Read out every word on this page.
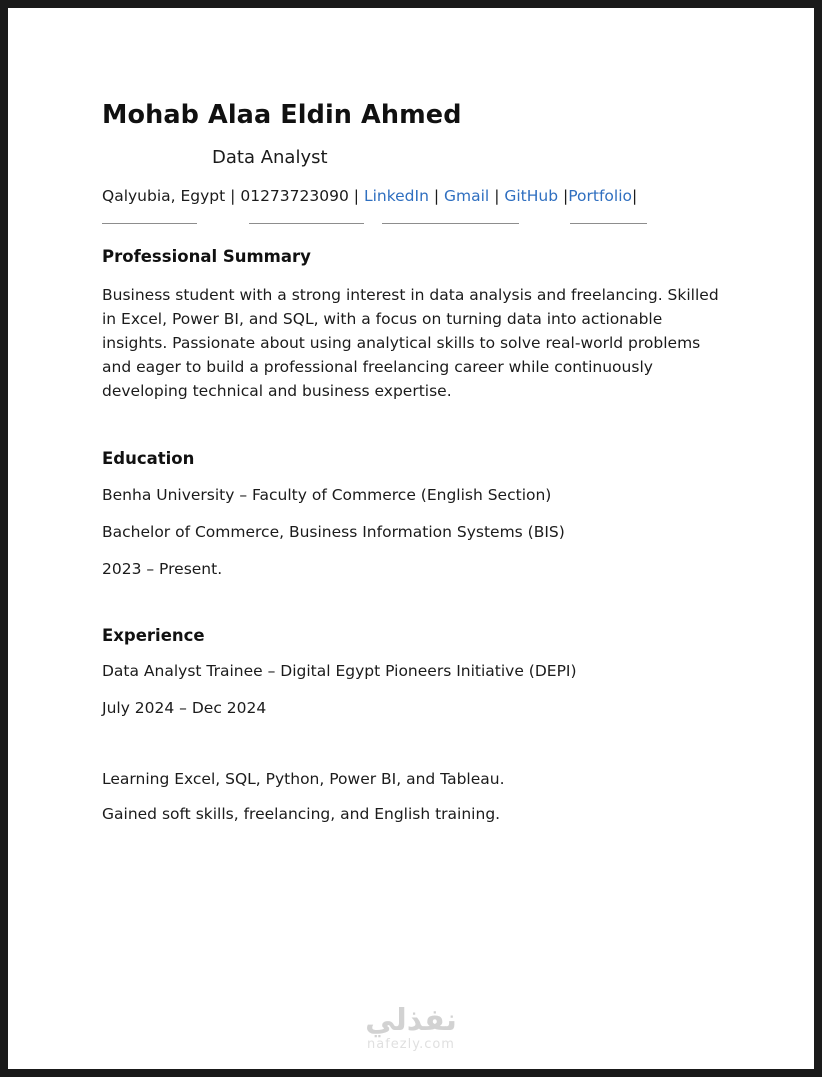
Mohab Alaa Eldin Ahmed
Data Analyst
Qalyubia, Egypt | 01273723090 | LinkedIn | Gmail | GitHub |Portfolio|
Professional Summary

Business student with a strong interest in data analysis and freelancing. Skilled in Excel, Power BI, and SQL, with a focus on turning data into actionable insights. Passionate about using analytical skills to solve real-world problems and eager to build a professional freelancing career while continuously developing technical and business expertise.

Education
Benha University – Faculty of Commerce (English Section)
Bachelor of Commerce, Business Information Systems (BIS)
2023 – Present.
Experience
Data Analyst Trainee – Digital Egypt Pioneers Initiative (DEPI)
July 2024 – Dec 2024
Learning Excel, SQL, Python, Power BI, and Tableau.
Gained soft skills, freelancing, and English training.
نفذلي
nafezly.com
